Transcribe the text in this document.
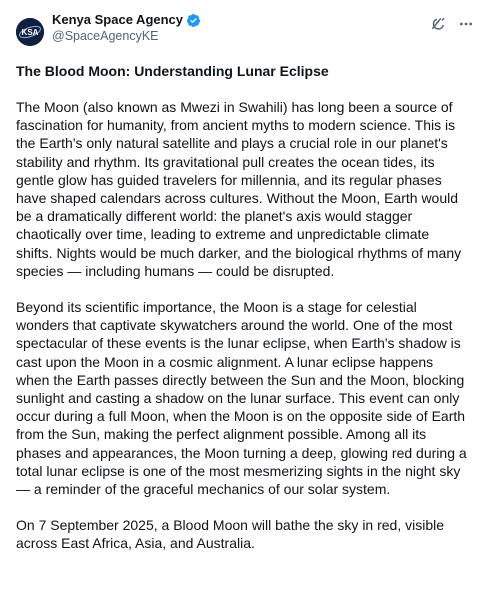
KSA
Kenya Space Agency
@SpaceAgencyKE
The Blood Moon: Understanding Lunar Eclipse

The Moon (also known as Mwezi in Swahili) has long been a source of
fascination for humanity, from ancient myths to modern science. This is
the Earth's only natural satellite and plays a crucial role in our planet's
stability and rhythm. Its gravitational pull creates the ocean tides, its
gentle glow has guided travelers for millennia, and its regular phases
have shaped calendars across cultures. Without the Moon, Earth would
be a dramatically different world: the planet's axis would stagger
chaotically over time, leading to extreme and unpredictable climate
shifts. Nights would be much darker, and the biological rhythms of many
species — including humans — could be disrupted.

Beyond its scientific importance, the Moon is a stage for celestial
wonders that captivate skywatchers around the world. One of the most
spectacular of these events is the lunar eclipse, when Earth's shadow is
cast upon the Moon in a cosmic alignment. A lunar eclipse happens
when the Earth passes directly between the Sun and the Moon, blocking
sunlight and casting a shadow on the lunar surface. This event can only
occur during a full Moon, when the Moon is on the opposite side of Earth
from the Sun, making the perfect alignment possible. Among all its
phases and appearances, the Moon turning a deep, glowing red during a
total lunar eclipse is one of the most mesmerizing sights in the night sky
— a reminder of the graceful mechanics of our solar system.

On 7 September 2025, a Blood Moon will bathe the sky in red, visible
across East Africa, Asia, and Australia.
